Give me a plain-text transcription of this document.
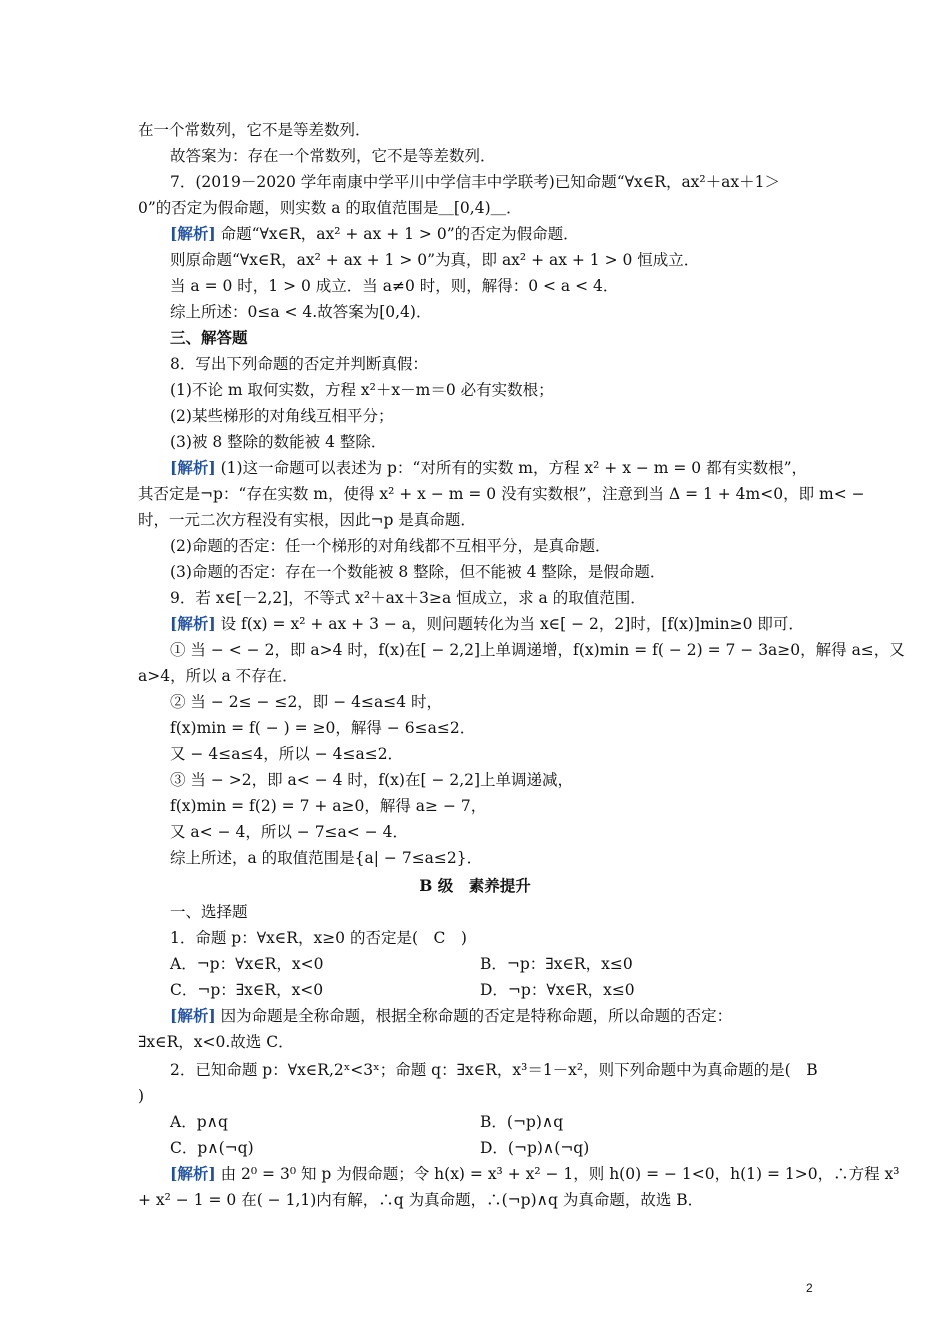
在一个常数列，它不是等差数列．
故答案为：存在一个常数列，它不是等差数列．
7．(2019－2020 学年南康中学平川中学信丰中学联考)已知命题“∀x∈R，ax²＋ax＋1＞
0”的否定为假命题，则实数 a 的取值范围是＿[0,4)＿．
[解析] 命题“∀x∈R，ax² + ax + 1 > 0”的否定为假命题．
则原命题“∀x∈R，ax² + ax + 1 > 0”为真，即 ax² + ax + 1 > 0 恒成立．
当 a = 0 时，1 > 0 成立．当 a≠0 时，则，解得：0 < a < 4．
综上所述：0≤a < 4.故答案为[0,4)．
三、解答题
8．写出下列命题的否定并判断真假：
(1)不论 m 取何实数，方程 x²＋x－m＝0 必有实数根；
(2)某些梯形的对角线互相平分；
(3)被 8 整除的数能被 4 整除．
[解析] (1)这一命题可以表述为 p：“对所有的实数 m，方程 x² + x − m = 0 都有实数根”，
其否定是¬p：“存在实数 m，使得 x² + x − m = 0 没有实数根”，注意到当 Δ = 1 + 4m<0，即 m< −
时，一元二次方程没有实根，因此¬p 是真命题．
(2)命题的否定：任一个梯形的对角线都不互相平分，是真命题．
(3)命题的否定：存在一个数能被 8 整除，但不能被 4 整除，是假命题．
9．若 x∈[－2,2]，不等式 x²＋ax＋3≥a 恒成立，求 a 的取值范围．
[解析] 设 f(x) = x² + ax + 3 − a，则问题转化为当 x∈[ − 2，2]时，[f(x)]min≥0 即可．
① 当 − < − 2，即 a>4 时，f(x)在[ − 2,2]上单调递增，f(x)min = f( − 2) = 7 − 3a≥0，解得 a≤，又
a>4，所以 a 不存在．
② 当 − 2≤ − ≤2，即 − 4≤a≤4 时，
f(x)min = f( − ) = ≥0，解得 − 6≤a≤2．
又 − 4≤a≤4，所以 − 4≤a≤2．
③ 当 − >2，即 a< − 4 时，f(x)在[ − 2,2]上单调递减，
f(x)min = f(2) = 7 + a≥0，解得 a≥ − 7，
又 a< − 4，所以 − 7≤a< − 4．
综上所述，a 的取值范围是{a| − 7≤a≤2}．
B 级　素养提升
一、选择题
1．命题 p：∀x∈R，x≥0 的否定是(　C　)
A．¬p：∀x∈R，x<0	B．¬p：∃x∈R，x≤0
C．¬p：∃x∈R，x<0	D．¬p：∀x∈R，x≤0
[解析] 因为命题是全称命题，根据全称命题的否定是特称命题，所以命题的否定：
∃x∈R，x<0.故选 C．
2．已知命题 p：∀x∈R,2ˣ<3ˣ；命题 q：∃x∈R，x³＝1－x²，则下列命题中为真命题的是(　B
)
A．p∧q	B．(¬p)∧q
C．p∧(¬q)	D．(¬p)∧(¬q)
[解析] 由 2⁰ = 3⁰ 知 p 为假命题；令 h(x) = x³ + x² − 1，则 h(0) = − 1<0，h(1) = 1>0，∴方程 x³
+ x² − 1 = 0 在( − 1,1)内有解，∴q 为真命题，∴(¬p)∧q 为真命题，故选 B．
2
